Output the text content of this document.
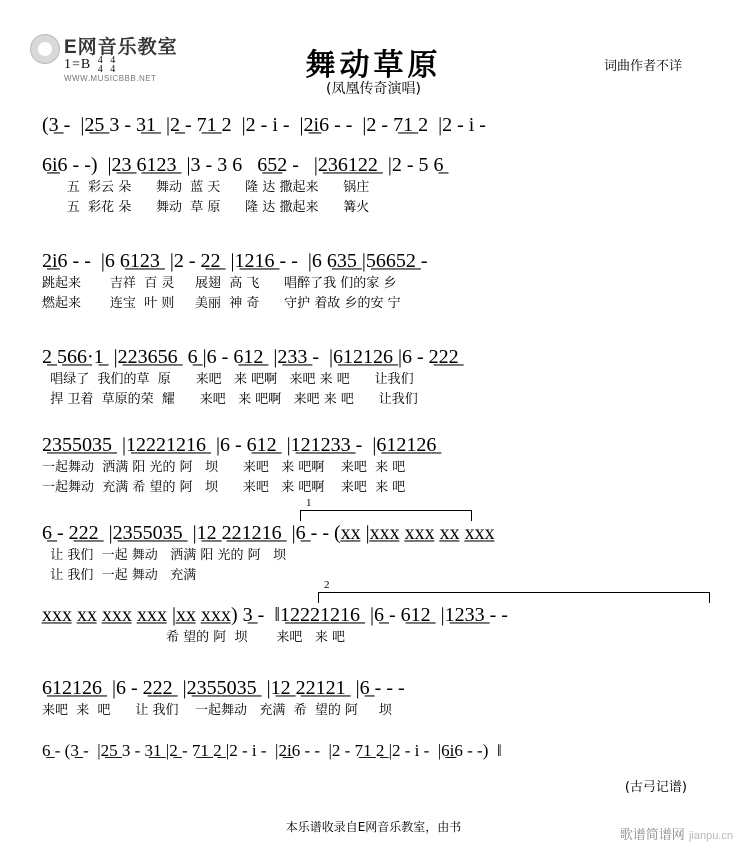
E网音乐教室
1=B 4
4 4
4
WWW.MUSICBBB.NET	舞动草原
(凤凰传奇演唱)
词曲作者不详
(3̲ -  |2̲5̲ 3 - 3̲1̲  |2̲ - 7̲1̲ 2  |2 - i -  |2̲i̲6 - -  |2 - 7̲1̲ 2  |2 - i -
6̲i̲6 - -)  |2̲3̲ 6̲1̲2̲3̲  |3 - 3 6   6̲5̲2 -   |2̲3̲6̲1̲2̲2̲  |2 - 5 6̲
五  彩云 朵      舞动  蓝 天      隆 达 撒起来      锅庄
五  彩花 朵      舞动  草 原      隆 达 撒起来      篝火
2̲i̲6 - -  |6 6̲1̲2̲3̲  |2 - 2̲2̲  |1̲2̲1̲6̲ - -  |6 6̲3̲5̲ |5̲6̲6̲5̲2̲ -
跳起来       吉祥  百 灵     展翅  高 飞      唱醉了我 们的家 乡
燃起来       连宝  叶 则     美丽  神 奇      守护 着故 乡的安 宁
2̲ 5̲6̲6̲·1̲  |2̲2̲3̲6̲5̲6̲  6̲ |6 - 6̲1̲2̲  |2̲3̲3̲ -  |6̲1̲2̲1̲2̲6̲ |6 - 2̲2̲2̲
唱绿了  我们的草  原      来吧   来 吧啊   来吧 来 吧      让我们
捍 卫着  草原的荣  耀      来吧   来 吧啊   来吧 来 吧      让我们
2̲3̲5̲5̲0̲3̲5̲  |1̲2̲2̲2̲1̲2̲1̲6̲  |6 - 6̲1̲2̲  |1̲2̲1̲2̲3̲3̲ -  |6̲1̲2̲1̲2̲6̲
一起舞动  洒满 阳 光的 阿   坝      来吧   来 吧啊    来吧  来 吧
一起舞动  充满 希 望的 阿   坝      来吧   来 吧啊    来吧  来 吧
1
6̲ - 2̲2̲2̲  |2̲3̲5̲5̲0̲3̲5̲  |1̲2̲ 2̲2̲1̲2̲1̲6̲  |6̲ - - (x̲x̲ |x̲x̲x̲ x̲x̲x̲ x̲x̲ x̲x̲x̲
让 我们  一起 舞动   洒满 阳 光的 阿   坝
让 我们  一起 舞动   充满
2
x̲x̲x̲ x̲x̲ x̲x̲x̲ x̲x̲x̲ |x̲x̲ x̲x̲x̲) 3̲ -  ‖1̲2̲2̲2̲1̲2̲1̲6̲  |6̲ - 6̲1̲2̲  |1̲2̲3̲3̲ - -
希 望的 阿  坝       来吧   来 吧
6̲1̲2̲1̲2̲6̲  |6 - 2̲2̲2̲  |2̲3̲5̲5̲0̲3̲5̲  |1̲2̲ 2̲2̲1̲2̲1̲  |6̲ - - -
来吧  来  吧      让 我们    一起舞动   充满  希  望的 阿     坝
6̲ - (3̲ -  |2̲5̲ 3 - 3̲1̲ |2̲ - 7̲1̲ 2̲ |2 - i -  |2̲i̲6 - -  |2 - 7̲1̲ 2̲ |2 - i -  |6̲i̲6 - -)  ‖
(古弓记谱)
本乐谱收录自E网音乐教室，由书
歌谱简谱网 jianpu.cn
